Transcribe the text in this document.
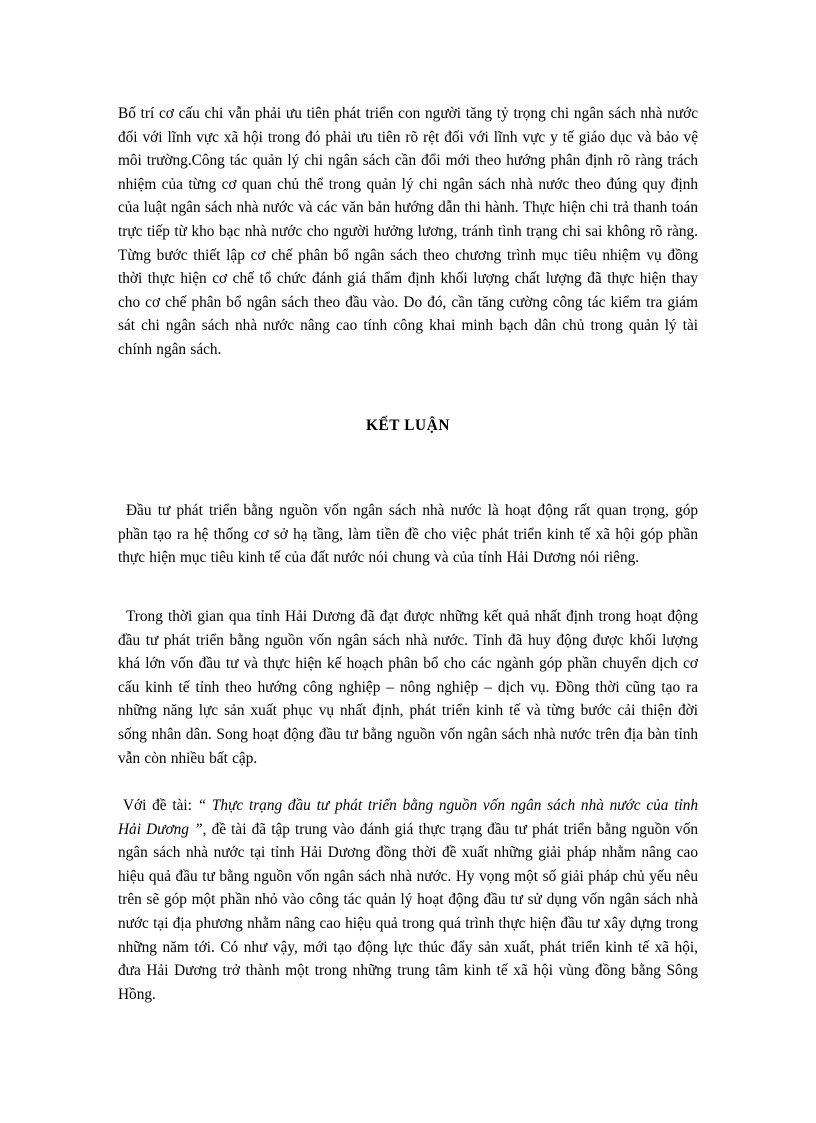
Bố trí cơ cấu chi vẫn phải ưu tiên phát triển con người tăng tỷ trọng chi ngân sách nhà nước đối với lĩnh vực xã hội trong đó phải ưu tiên rõ rệt đối với lĩnh vực y tế giáo dục và bảo vệ môi trường.Công tác quản lý chi ngân sách cần đổi mới theo hướng phân định rõ ràng trách nhiệm của từng cơ quan chủ thể trong quản lý chi ngân sách nhà nước theo đúng quy định của luật ngân sách nhà nước và các văn bản hướng dẫn thi hành. Thực hiện chi trả thanh toán trực tiếp từ kho bạc nhà nước cho người hưởng lương, tránh tình trạng chi sai không rõ ràng. Từng bước thiết lập cơ chế phân bổ ngân sách theo chương trình mục tiêu nhiệm vụ đồng thời thực hiện cơ chế tổ chức đánh giá thẩm định khối lượng chất lượng đã thực hiện thay cho cơ chế phân bổ ngân sách theo đầu vào. Do đó, cần tăng cường công tác kiểm tra giám sát chi ngân sách nhà nước nâng cao tính công khai minh bạch dân chủ trong quản lý tài chính ngân sách.

KẾT LUẬN

Đầu tư phát triển bằng nguồn vốn ngân sách nhà nước là hoạt động rất quan trọng, góp phần tạo ra hệ thống cơ sở hạ tầng, làm tiền đề cho việc phát triển kinh tế xã hội góp phần thực hiện mục tiêu kinh tế của đất nước nói chung và của tỉnh Hải Dương nói riêng.

Trong thời gian qua tỉnh Hải Dương đã đạt được những kết quả nhất định trong hoạt động đầu tư phát triển bằng nguồn vốn ngân sách nhà nước. Tỉnh đã huy động được khối lượng khá lớn vốn đầu tư và thực hiện kế hoạch phân bổ cho các ngành góp phần chuyển dịch cơ cấu kinh tế tỉnh theo hướng công nghiệp – nông nghiệp – dịch vụ. Đồng thời cũng tạo ra những năng lực sản xuất phục vụ nhất định, phát triển kinh tế và từng bước cải thiện đời sống nhân dân. Song hoạt động đầu tư bằng nguồn vốn ngân sách nhà nước trên địa bàn tỉnh vẫn còn nhiều bất cập.

Với đề tài: “ Thực trạng đầu tư phát triển bằng nguồn vốn ngân sách nhà nước của tỉnh Hải Dương ”, đề tài đã tập trung vào đánh giá thực trạng đầu tư phát triển bằng nguồn vốn ngân sách nhà nước tại tỉnh Hải Dương đồng thời đề xuất những giải pháp nhằm nâng cao hiệu quả đầu tư bằng nguồn vốn ngân sách nhà nước. Hy vọng một số giải pháp chủ yếu nêu trên sẽ góp một phần nhỏ vào công tác quản lý hoạt động đầu tư sử dụng vốn ngân sách nhà nước tại địa phương nhằm nâng cao hiệu quả trong quá trình thực hiện đầu tư xây dựng trong những năm tới. Có như vậy, mới tạo động lực thúc đẩy sản xuất, phát triển kinh tế xã hội, đưa Hải Dương trở thành một trong những trung tâm kinh tế xã hội vùng đồng bằng Sông Hồng.
